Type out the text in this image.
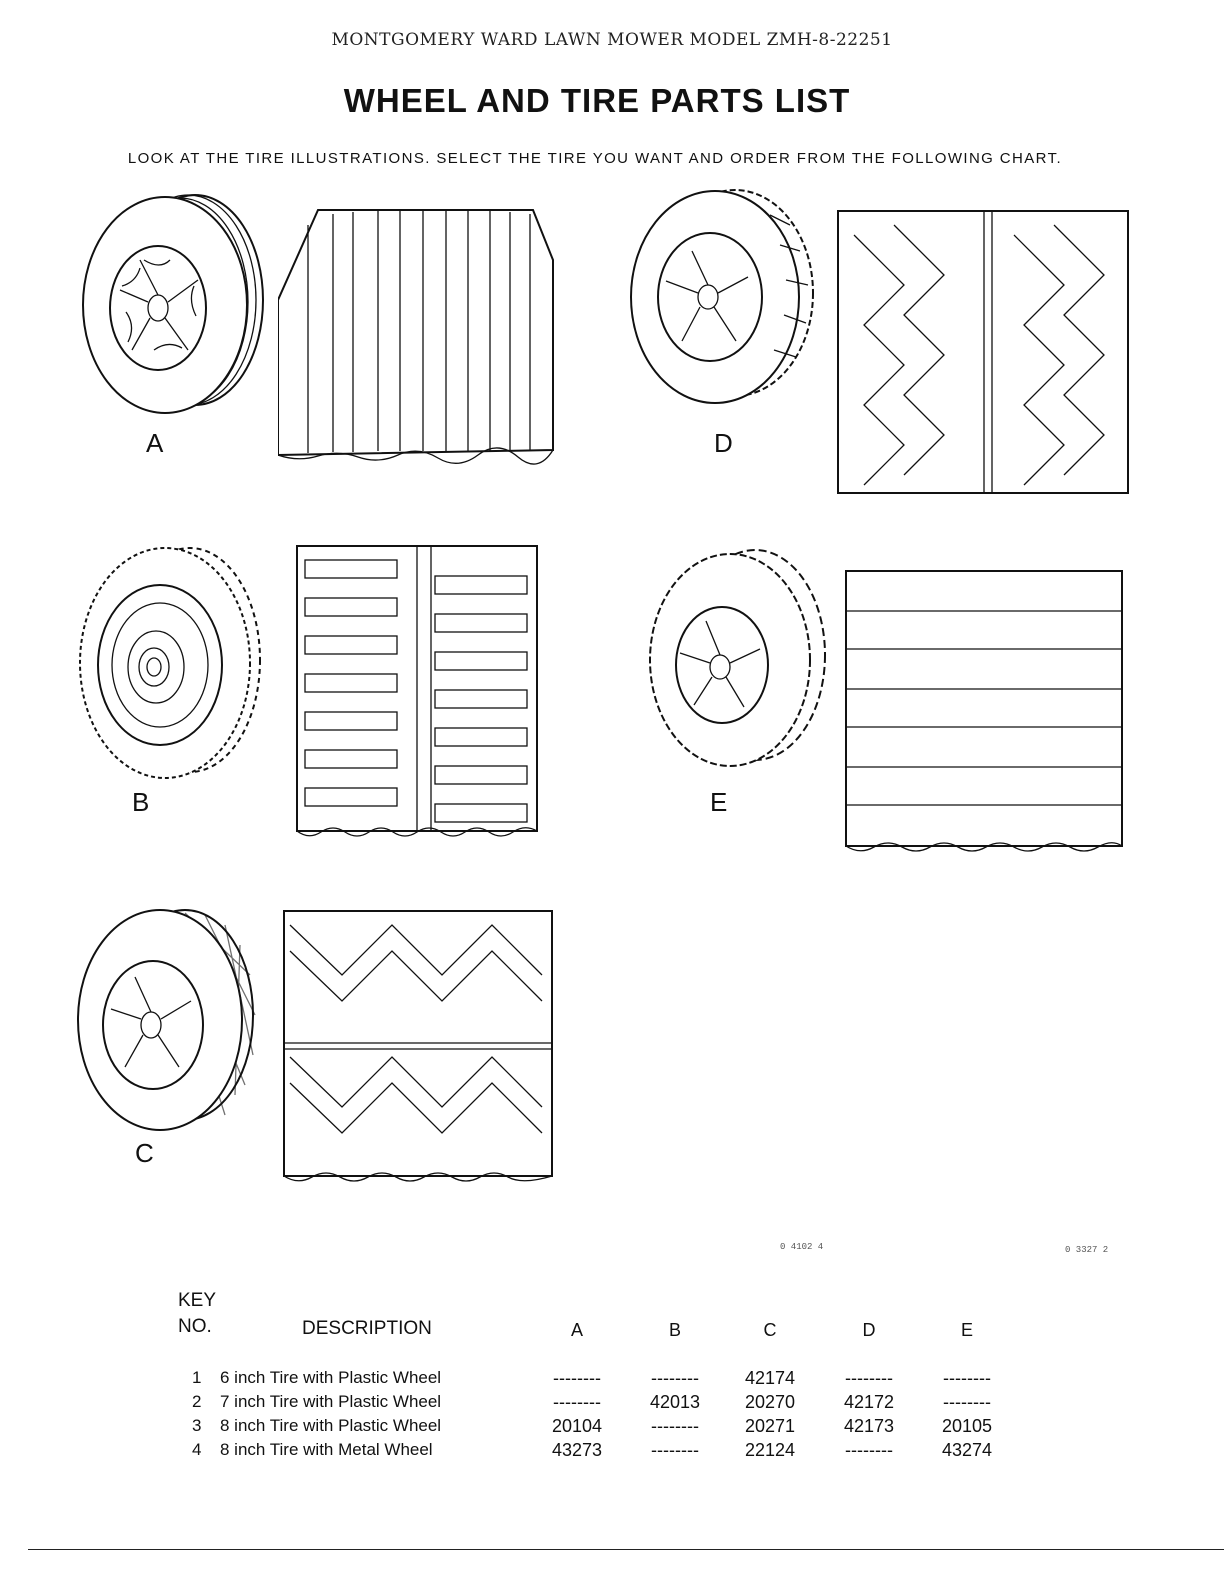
MONTGOMERY WARD LAWN MOWER MODEL ZMH-8-22251
WHEEL AND TIRE PARTS LIST
LOOK AT THE TIRE ILLUSTRATIONS. SELECT THE TIRE YOU WANT AND ORDER FROM THE FOLLOWING CHART.
A	D
B	E
C
0 4102 4	0 3327 2
KEY
NO.	DESCRIPTION	A	B	C	D	E
1 6 inch Tire with Plastic Wheel	--------	--------	42174	--------	--------
2 7 inch Tire with Plastic Wheel	--------	42013	20270	42172	--------
3 8 inch Tire with Plastic Wheel	20104	--------	20271	42173	20105
4 8 inch Tire with Metal Wheel	43273	--------	22124	--------	43274
